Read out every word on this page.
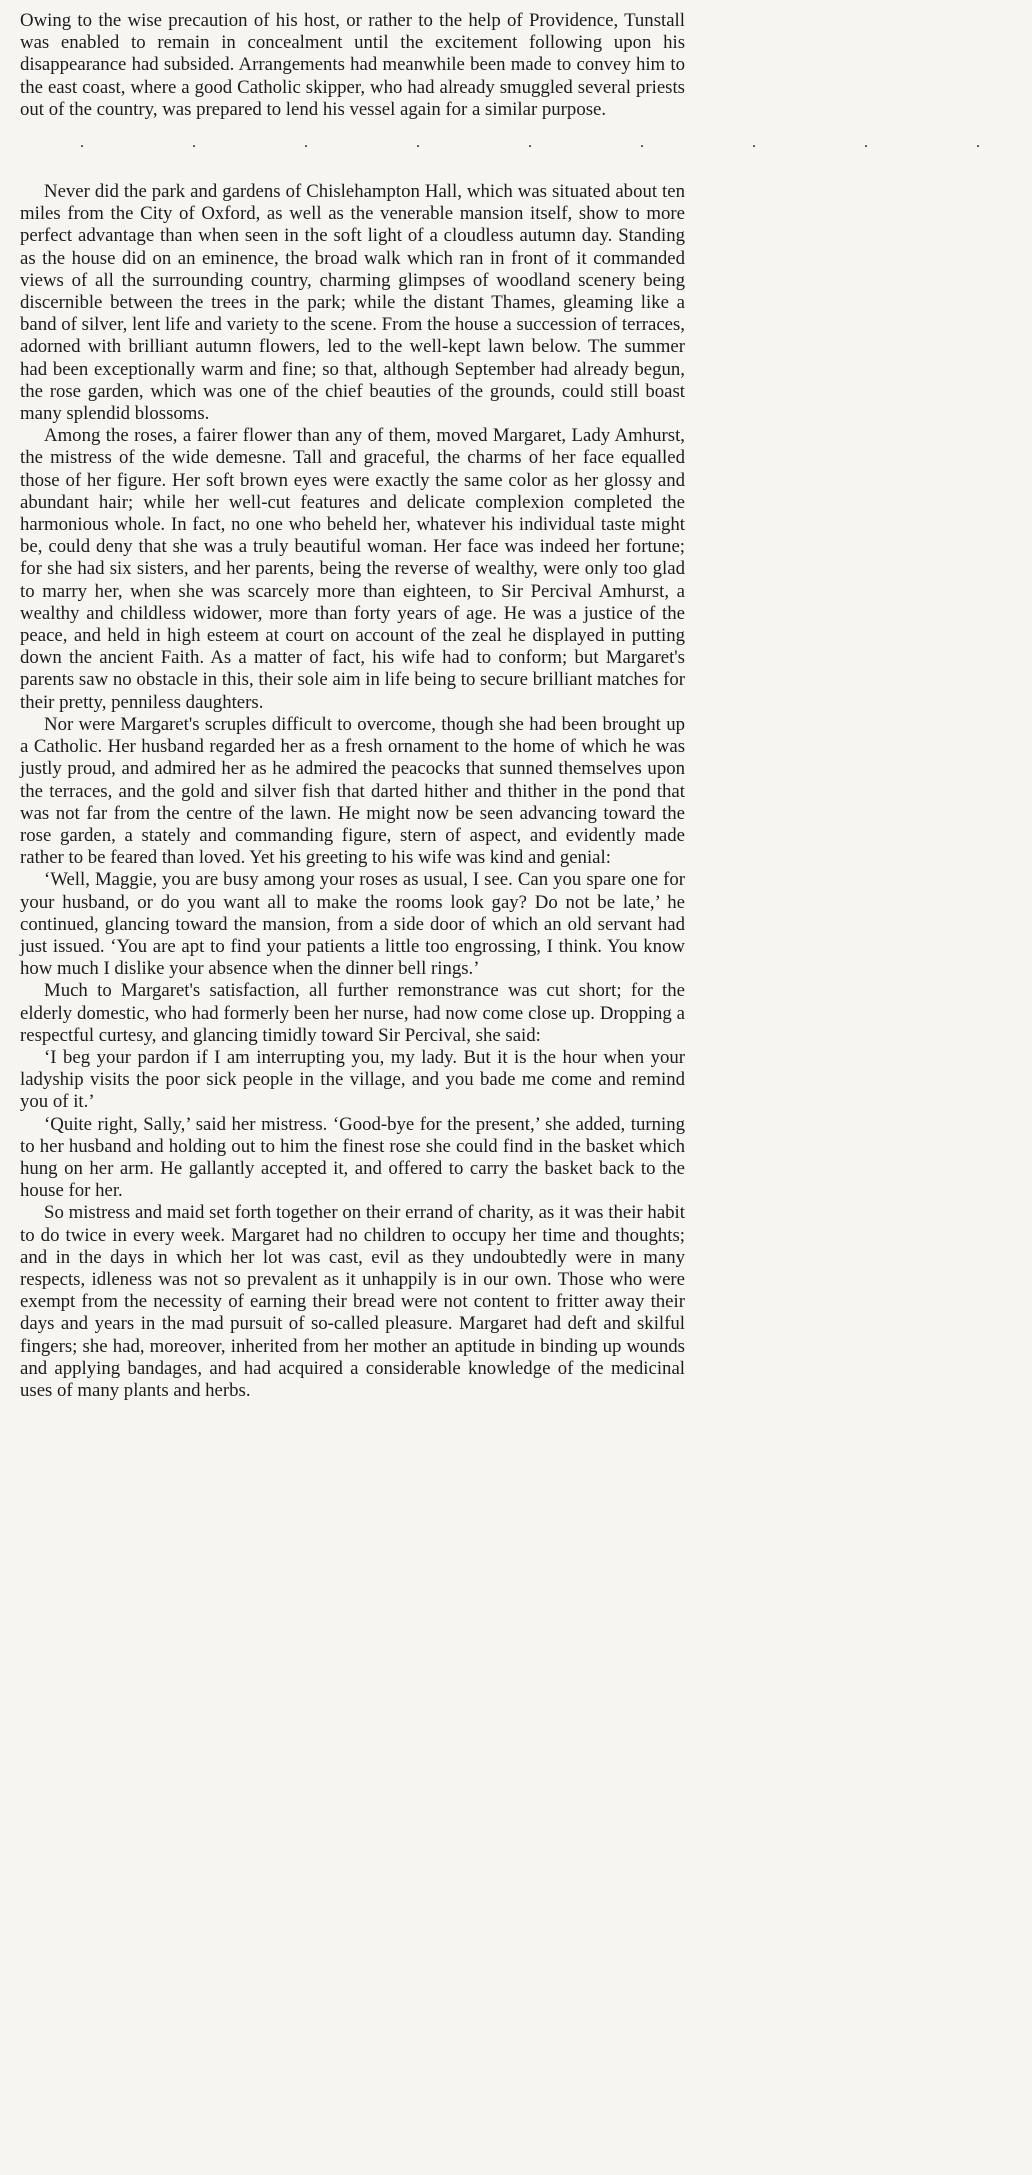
Owing to the wise precaution of his host, or rather to the help of Providence, Tunstall was enabled to remain in concealment until the excitement following upon his disappearance had subsided. Arrangements had meanwhile been made to convey him to the east coast, where a good Catholic skipper, who had already smuggled several priests out of the country, was prepared to lend his vessel again for a similar purpose.

. . . . . . . . .

Never did the park and gardens of Chislehampton Hall, which was situated about ten miles from the City of Oxford, as well as the venerable mansion itself, show to more perfect advantage than when seen in the soft light of a cloudless autumn day. Standing as the house did on an eminence, the broad walk which ran in front of it commanded views of all the surrounding country, charming glimpses of woodland scenery being discernible between the trees in the park; while the distant Thames, gleaming like a band of silver, lent life and variety to the scene. From the house a succession of terraces, adorned with brilliant autumn flowers, led to the well-kept lawn below. The summer had been exceptionally warm and fine; so that, although September had already begun, the rose garden, which was one of the chief beauties of the grounds, could still boast many splendid blossoms.

Among the roses, a fairer flower than any of them, moved Margaret, Lady Amhurst, the mistress of the wide demesne. Tall and graceful, the charms of her face equalled those of her figure. Her soft brown eyes were exactly the same color as her glossy and abundant hair; while her well-cut features and delicate complexion completed the harmonious whole. In fact, no one who beheld her, whatever his individual taste might be, could deny that she was a truly beautiful woman. Her face was indeed her fortune; for she had six sisters, and her parents, being the reverse of wealthy, were only too glad to marry her, when she was scarcely more than eighteen, to Sir Percival Amhurst, a wealthy and childless widower, more than forty years of age. He was a justice of the peace, and held in high esteem at court on account of the zeal he displayed in putting down the ancient Faith. As a matter of fact, his wife had to conform; but Margaret's parents saw no obstacle in this, their sole aim in life being to secure brilliant matches for their pretty, penniless daughters.

Nor were Margaret's scruples difficult to overcome, though she had been brought up a Catholic. Her husband regarded her as a fresh ornament to the home of which he was justly proud, and admired her as he admired the peacocks that sunned themselves upon the terraces, and the gold and silver fish that darted hither and thither in the pond that was not far from the centre of the lawn. He might now be seen advancing toward the rose garden, a stately and commanding figure, stern of aspect, and evidently made rather to be feared than loved. Yet his greeting to his wife was kind and genial:

‘Well, Maggie, you are busy among your roses as usual, I see. Can you spare one for your husband, or do you want all to make the rooms look gay? Do not be late,’ he continued, glancing toward the mansion, from a side door of which an old servant had just issued. ‘You are apt to find your patients a little too engrossing, I think. You know how much I dislike your absence when the dinner bell rings.’

Much to Margaret's satisfaction, all further remonstrance was cut short; for the elderly domestic, who had formerly been her nurse, had now come close up. Dropping a respectful curtesy, and glancing timidly toward Sir Percival, she said:

‘I beg your pardon if I am interrupting you, my lady. But it is the hour when your ladyship visits the poor sick people in the village, and you bade me come and remind you of it.’

‘Quite right, Sally,’ said her mistress. ‘Good-bye for the present,’ she added, turning to her husband and holding out to him the finest rose she could find in the basket which hung on her arm. He gallantly accepted it, and offered to carry the basket back to the house for her.

So mistress and maid set forth together on their errand of charity, as it was their habit to do twice in every week. Margaret had no children to occupy her time and thoughts; and in the days in which her lot was cast, evil as they undoubtedly were in many respects, idleness was not so prevalent as it unhappily is in our own. Those who were exempt from the necessity of earning their bread were not content to fritter away their days and years in the mad pursuit of so-called pleasure. Margaret had deft and skilful fingers; she had, moreover, inherited from her mother an aptitude in binding up wounds and applying bandages, and had acquired a considerable knowledge of the medicinal uses of many plants and herbs.
